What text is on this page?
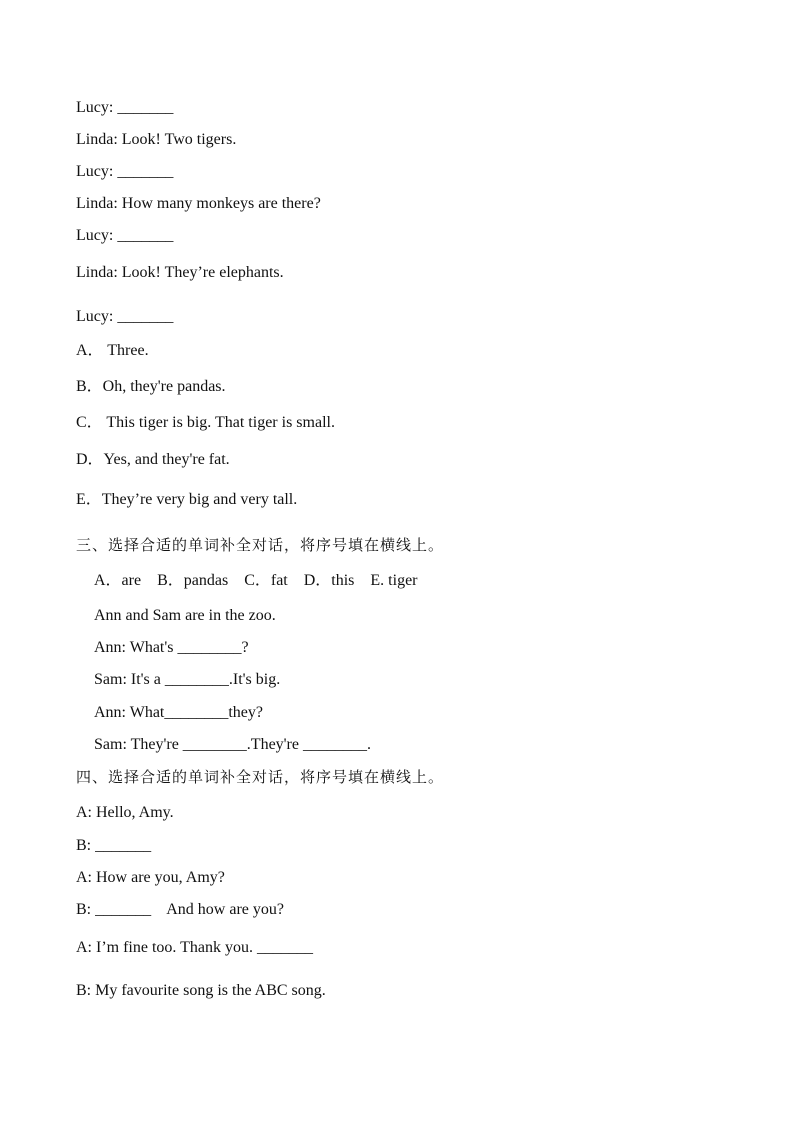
Lucy: _______
Linda: Look! Two tigers.
Lucy: _______
Linda: How many monkeys are there?
Lucy: _______
Linda: Look! They’re elephants.
Lucy: _______
A． Three.
B．Oh, they're pandas.
C． This tiger is big. That tiger is small.
D．Yes, and they're fat.
E．They’re very big and very tall.
三、选择合适的单词补全对话，将序号填在横线上。
A．are    B．pandas    C．fat    D．this    E. tiger
Ann and Sam are in the zoo.
Ann: What's ________?
Sam: It's a ________.It's big.
Ann: What________they?
Sam: They're ________.They're ________.
四、选择合适的单词补全对话，将序号填在横线上。
A: Hello, Amy.
B: _______
A: How are you, Amy?
B: _______    And how are you?
A: I’m fine too. Thank you. _______
B: My favourite song is the ABC song.
